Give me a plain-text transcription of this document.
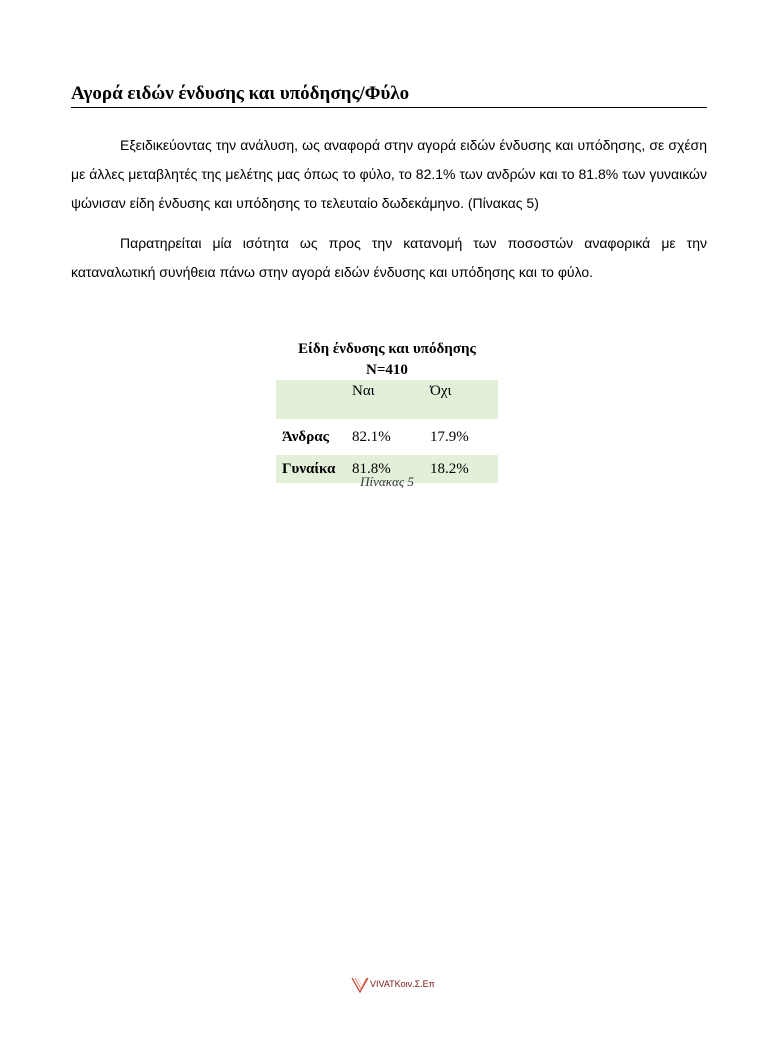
Αγορά ειδών ένδυσης και υπόδησης/Φύλο

Εξειδικεύοντας την ανάλυση, ως αναφορά στην αγορά ειδών ένδυσης και υπόδησης, σε σχέση με άλλες μεταβλητές της μελέτης μας όπως το φύλο, το 82.1% των ανδρών και το 81.8% των γυναικών ψώνισαν είδη ένδυσης και υπόδησης το τελευταίο δωδεκάμηνο. (Πίνακας 5)

Παρατηρείται μία ισότητα ως προς την κατανομή των ποσοστών αναφορικά με την καταναλωτική συνήθεια πάνω στην αγορά ειδών ένδυσης και υπόδησης και το φύλο.

Είδη ένδυσης και υπόδησης
N=410
	Ναι	Όχι
Άνδρας	82.1%	17.9%
Γυναίκα	81.8%	18.2%
Πίνακας 5
VIVATΚοιν.Σ.Επ
